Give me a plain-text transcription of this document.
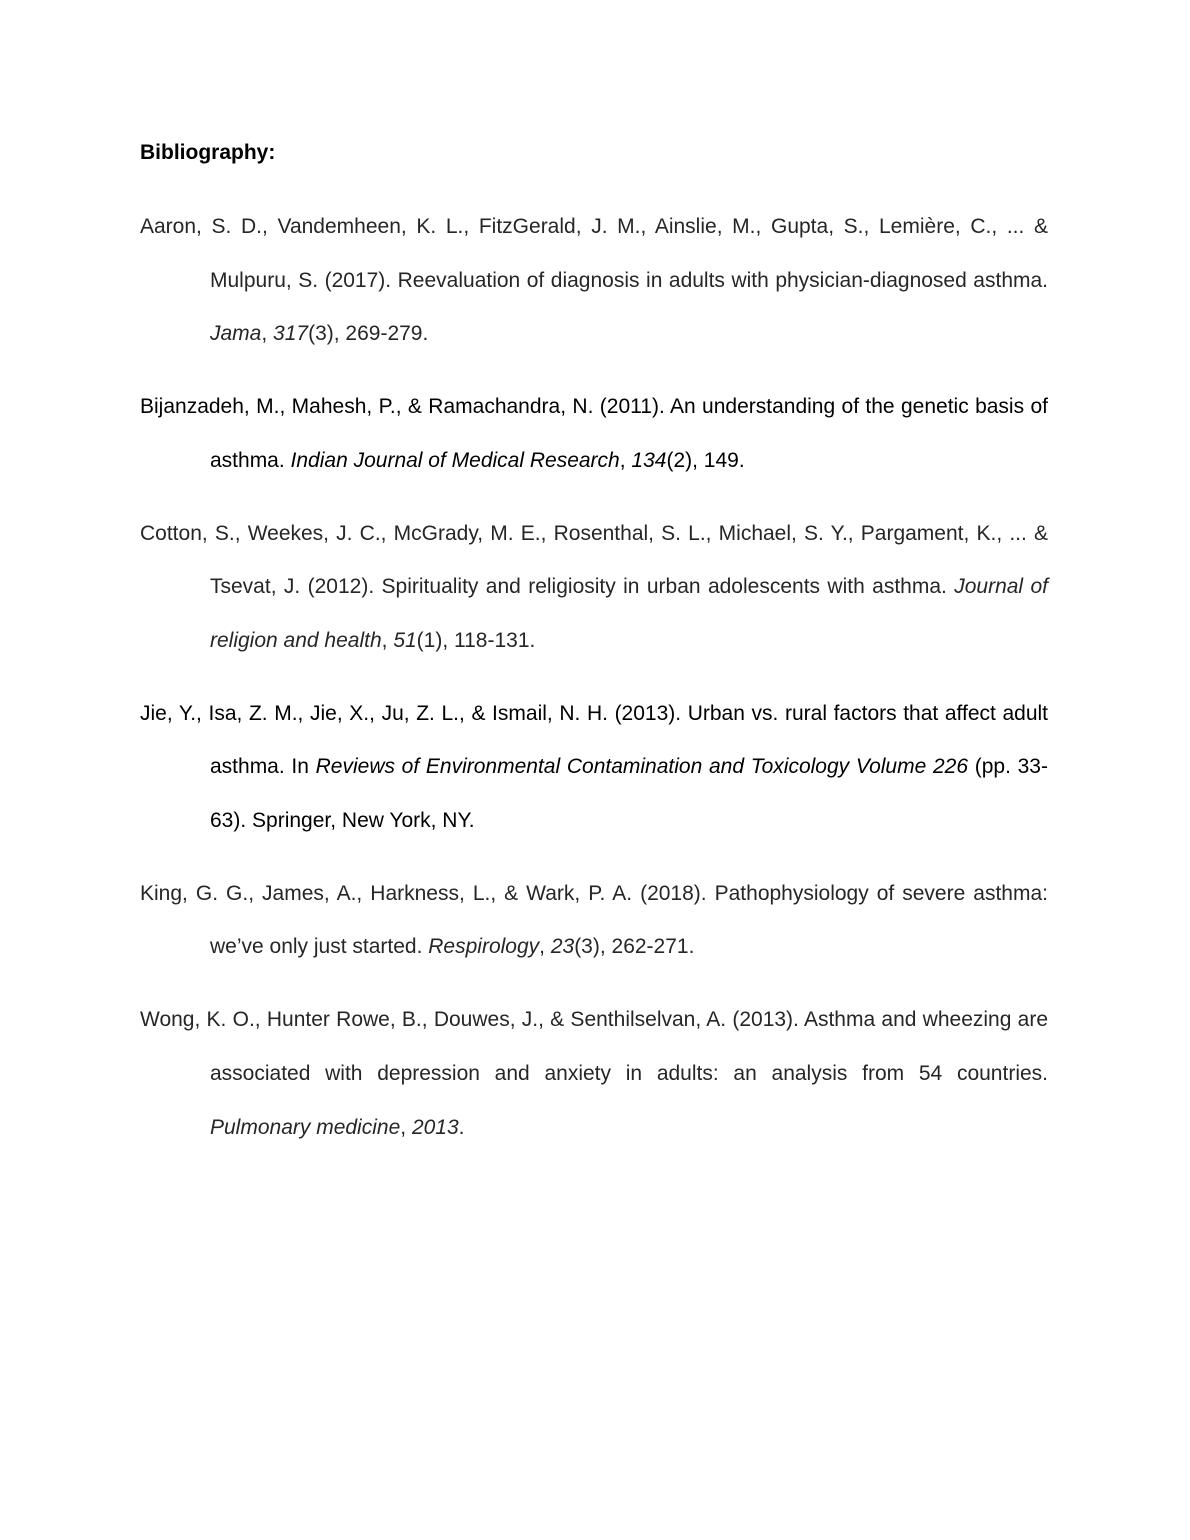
Bibliography:

Aaron, S. D., Vandemheen, K. L., FitzGerald, J. M., Ainslie, M., Gupta, S., Lemière, C., ... & Mulpuru, S. (2017). Reevaluation of diagnosis in adults with physician-diagnosed asthma. Jama, 317(3), 269-279.

Bijanzadeh, M., Mahesh, P., & Ramachandra, N. (2011). An understanding of the genetic basis of asthma. Indian Journal of Medical Research, 134(2), 149.

Cotton, S., Weekes, J. C., McGrady, M. E., Rosenthal, S. L., Michael, S. Y., Pargament, K., ... & Tsevat, J. (2012). Spirituality and religiosity in urban adolescents with asthma. Journal of religion and health, 51(1), 118-131.

Jie, Y., Isa, Z. M., Jie, X., Ju, Z. L., & Ismail, N. H. (2013). Urban vs. rural factors that affect adult asthma. In Reviews of Environmental Contamination and Toxicology Volume 226 (pp. 33-63). Springer, New York, NY.

King, G. G., James, A., Harkness, L., & Wark, P. A. (2018). Pathophysiology of severe asthma: we’ve only just started. Respirology, 23(3), 262-271.

Wong, K. O., Hunter Rowe, B., Douwes, J., & Senthilselvan, A. (2013). Asthma and wheezing are associated with depression and anxiety in adults: an analysis from 54 countries. Pulmonary medicine, 2013.
